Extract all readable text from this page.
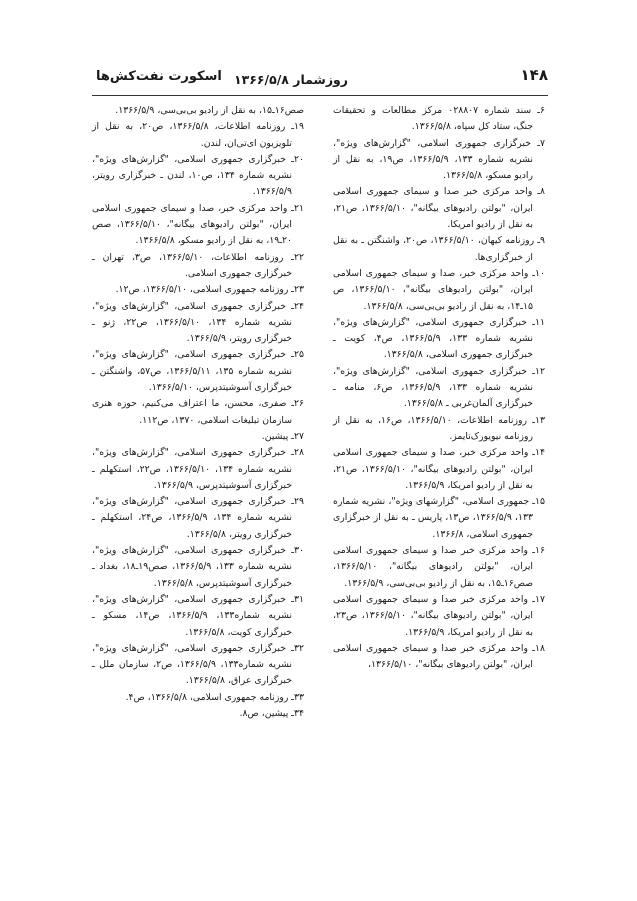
۱۴۸
روزشمار ۱۳۶۶/۵/۸
اسکورت نفت‌کش‌ها

۶ـ سند شماره ۰۲۸۸۰۷ مرکز مطالعات و تحقیقات جنگ، ستاد کل سپاه، ۱۳۶۶/۵/۸.

۷ـ خبرگزاری جمهوری اسلامی، "گزارش‌های ویژه"، نشریه شماره ۱۳۳، ۱۳۶۶/۵/۹، ص۱۹، به نقل از رادیو مسکو، ۱۳۶۶/۵/۸.

۸ـ واحد مرکزی خبر صدا و سیمای جمهوری اسلامی ایران، "بولتن رادیوهای بیگانه"، ۱۳۶۶/۵/۱۰، ص۲۱، به نقل از رادیو امریکا.

۹ـ روزنامه کیهان، ۱۳۶۶/۵/۱۰، ص۲۰، واشنگتن ـ به نقل از خبرگزاری‌ها.

۱۰ـ واحد مرکزی خبر، صدا و سیمای جمهوری اسلامی ایران، "بولتن رادیوهای بیگانه"، ۱۳۶۶/۵/۱۰، ص ۱۵ـ۱۴، به نقل از رادیو بی‌بی‌سی، ۱۳۶۶/۵/۸.

۱۱ـ خبرگزاری جمهوری اسلامی، "گزارش‌های ویژه"، نشریه شماره ۱۳۳، ۱۳۶۶/۵/۹، ص۴، کویت ـ خبرگزاری جمهوری اسلامی، ۱۳۶۶/۵/۸.

۱۲ـ خبرگزاری جمهوری اسلامی، "گزارش‌های ویژه"، نشریه شماره ۱۳۳، ۱۳۶۶/۵/۹، ص۶، منامه ـ خبرگزاری آلمان‌غربی ـ ۱۳۶۶/۵/۸.

۱۳ـ روزنامه اطلاعات، ۱۳۶۶/۵/۱۰، ص۱۶، به نقل از روزنامه نیویورک‌تایمز.

۱۴ـ واحد مرکزی خبر، صدا و سیمای جمهوری اسلامی ایران، "بولتن رادیوهای بیگانه"، ۱۳۶۶/۵/۱۰، ص۲۱، به نقل از رادیو امریکا، ۱۳۶۶/۵/۹.

۱۵ـ جمهوری اسلامی، "گزارشهای ویژه"، نشریه شماره ۱۳۳، ۱۳۶۶/۵/۹، ص۱۳، پاریس ـ به نقل از خبرگزاری جمهوری اسلامی، ۱۳۶۶/۸.

۱۶ـ واحد مرکزی خبر صدا و سیمای جمهوری اسلامی ایران، "بولتن رادیوهای بیگانه"، ۱۳۶۶/۵/۱۰، صص۱۶ـ۱۵، به نقل از رادیو بی‌بی‌سی، ۱۳۶۶/۵/۹.

۱۷ـ واحد مرکزی خبر صدا و سیمای جمهوری اسلامی ایران، "بولتن رادیوهای بیگانه"، ۱۳۶۶/۵/۱۰، ص۲۳، به نقل از رادیو امریکا، ۱۳۶۶/۵/۹.

۱۸ـ واحد مرکزی خبر صدا و سیمای جمهوری اسلامی ایران، "بولتن رادیوهای بیگانه"، ۱۳۶۶/۵/۱۰،

صص۱۶ـ۱۵، به نقل از رادیو بی‌بی‌سی، ۱۳۶۶/۵/۹.

۱۹ـ روزنامه اطلاعات، ۱۳۶۶/۵/۸، ص۲۰، به نقل از تلویزیون ای‌تی‌ان، لندن.

۲۰ـ خبرگزاری جمهوری اسلامی، "گزارش‌های ویژه"، نشریه شماره ۱۳۴، ص۱۰، لندن ـ خبرگزاری رویتر، ۱۳۶۶/۵/۹.

۲۱ـ واحد مرکزی خبر، صدا و سیمای جمهوری اسلامی ایران، "بولتن رادیوهای بیگانه"، ۱۳۶۶/۵/۱۰، صص ۲۰ـ۱۹، به نقل از رادیو مسکو، ۱۳۶۶/۵/۸.

۲۲ـ روزنامه اطلاعات، ۱۳۶۶/۵/۱۰، ص۳، تهران ـ خبرگزاری جمهوری اسلامی.

۲۳ـ روزنامه جمهوری اسلامی، ۱۳۶۶/۵/۱۰، ص۱۲.

۲۴ـ خبرگزاری جمهوری اسلامی، "گزارش‌های ویژه"، نشریه شماره ۱۳۴، ۱۳۶۶/۵/۱۰، ص۲۲، ژنو ـ خبرگزاری رویتر، ۱۳۶۶/۵/۹.

۲۵ـ خبرگزاری جمهوری اسلامی، "گزارش‌های ویژه"، نشریه شماره ۱۳۵، ۱۳۶۶/۵/۱۱، ص۵۷، واشنگتن ـ خبرگزاری آسوشیتدپرس، ۱۳۶۶/۵/۱۰.

۲۶ـ صفری، محسن، ما اعتراف می‌کنیم، حوزه هنری سازمان تبلیغات اسلامی، ۱۳۷۰، ص۱۱۲.

۲۷ـ پیشین.

۲۸ـ خبرگزاری جمهوری اسلامی، "گزارش‌های ویژه"، نشریه شماره ۱۳۴، ۱۳۶۶/۵/۱۰، ص۲۲، استکهلم ـ خبرگزاری آسوشیتدپرس، ۱۳۶۶/۵/۹.

۲۹ـ خبرگزاری جمهوری اسلامی، "گزارش‌های ویژه"، نشریه شماره ۱۳۴، ۱۳۶۶/۵/۹، ص۲۴، استکهلم ـ خبرگزاری رویتر، ۱۳۶۶/۵/۸.

۳۰ـ خبرگزاری جمهوری اسلامی، "گزارش‌های ویژه"، نشریه شماره ۱۳۳، ۱۳۶۶/۵/۹، صص۱۹ـ۱۸، بغداد ـ خبرگزاری آسوشیتدپرس، ۱۳۶۶/۵/۸.

۳۱ـ خبرگزاری جمهوری اسلامی، "گزارش‌های ویژه"، نشریه شماره۱۳۳، ۱۳۶۶/۵/۹، ص۱۴، مسکو ـ خبرگزاری کویت، ۱۳۶۶/۵/۸.

۳۲ـ خبرگزاری جمهوری اسلامی، "گزارش‌های ویژه"، نشریه شماره۱۳۳، ۱۳۶۶/۵/۹، ص۲، سازمان ملل ـ خبرگزاری عراق، ۱۳۶۶/۵/۸.

۳۳ـ روزنامه جمهوری اسلامی، ۱۳۶۶/۵/۸، ص۴.

۳۴ـ پیشین، ص۸.
